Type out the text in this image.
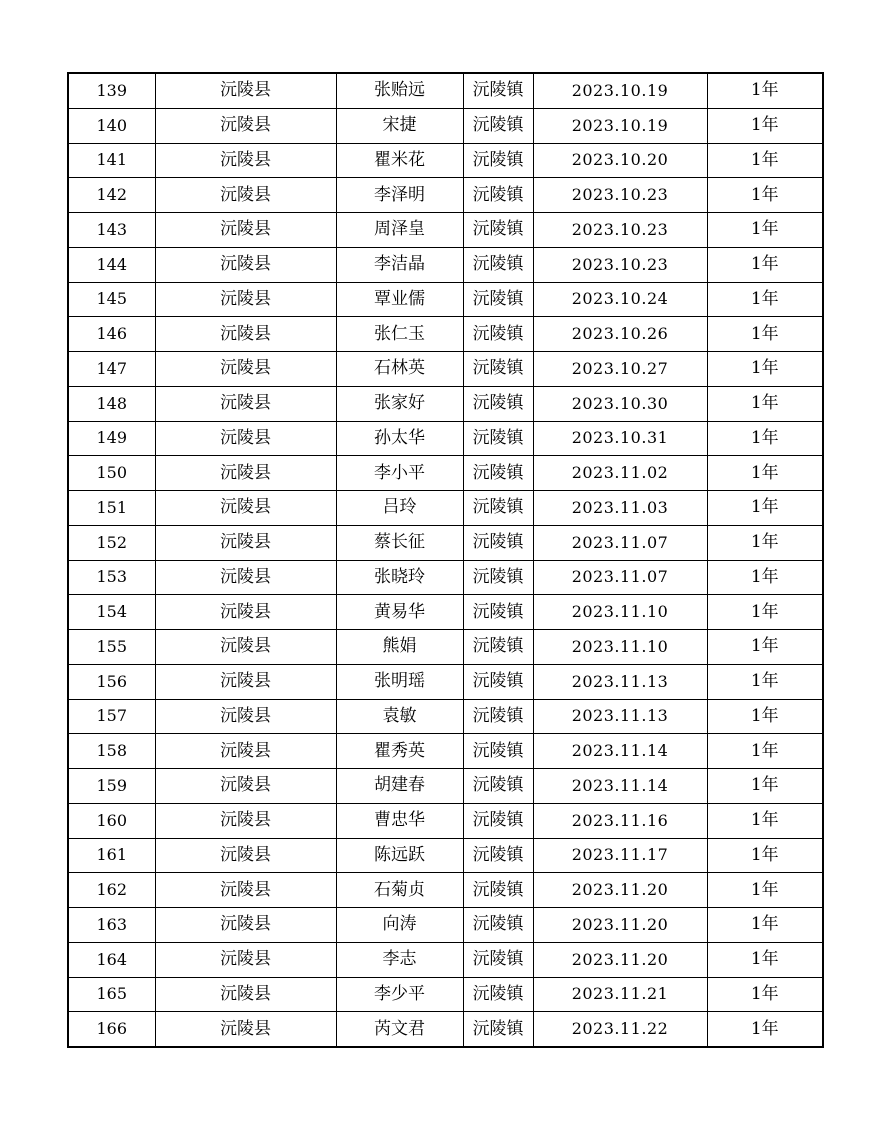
139	沅陵县	张贻远	沅陵镇	2023.10.19	1年
140	沅陵县	宋捷	沅陵镇	2023.10.19	1年
141	沅陵县	瞿米花	沅陵镇	2023.10.20	1年
142	沅陵县	李泽明	沅陵镇	2023.10.23	1年
143	沅陵县	周泽皇	沅陵镇	2023.10.23	1年
144	沅陵县	李洁晶	沅陵镇	2023.10.23	1年
145	沅陵县	覃业儒	沅陵镇	2023.10.24	1年
146	沅陵县	张仁玉	沅陵镇	2023.10.26	1年
147	沅陵县	石林英	沅陵镇	2023.10.27	1年
148	沅陵县	张家好	沅陵镇	2023.10.30	1年
149	沅陵县	孙太华	沅陵镇	2023.10.31	1年
150	沅陵县	李小平	沅陵镇	2023.11.02	1年
151	沅陵县	吕玲	沅陵镇	2023.11.03	1年
152	沅陵县	蔡长征	沅陵镇	2023.11.07	1年
153	沅陵县	张晓玲	沅陵镇	2023.11.07	1年
154	沅陵县	黄易华	沅陵镇	2023.11.10	1年
155	沅陵县	熊娟	沅陵镇	2023.11.10	1年
156	沅陵县	张明瑶	沅陵镇	2023.11.13	1年
157	沅陵县	袁敏	沅陵镇	2023.11.13	1年
158	沅陵县	瞿秀英	沅陵镇	2023.11.14	1年
159	沅陵县	胡建春	沅陵镇	2023.11.14	1年
160	沅陵县	曹忠华	沅陵镇	2023.11.16	1年
161	沅陵县	陈远跃	沅陵镇	2023.11.17	1年
162	沅陵县	石菊贞	沅陵镇	2023.11.20	1年
163	沅陵县	向涛	沅陵镇	2023.11.20	1年
164	沅陵县	李志	沅陵镇	2023.11.20	1年
165	沅陵县	李少平	沅陵镇	2023.11.21	1年
166	沅陵县	芮文君	沅陵镇	2023.11.22	1年
